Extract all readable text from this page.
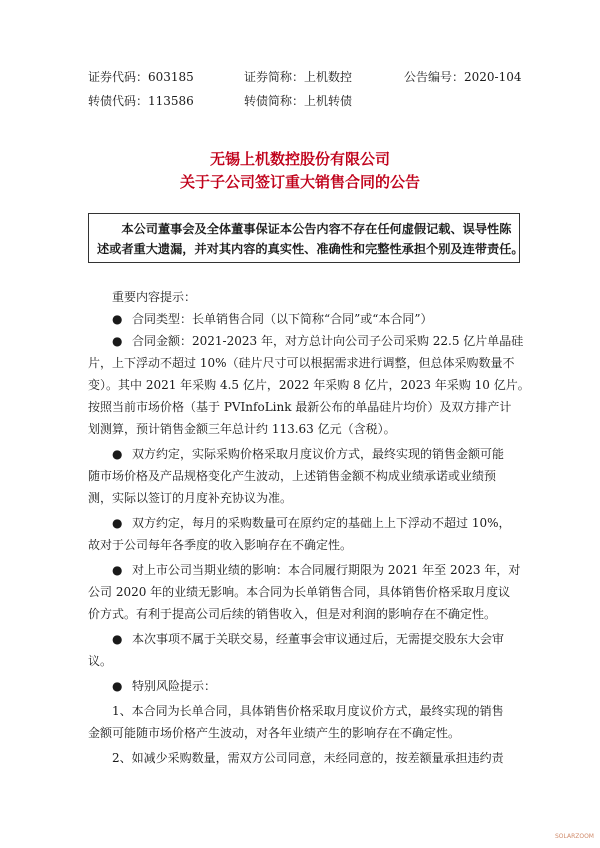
证券代码：603185	证券简称：上机数控	公告编号：2020-104
转债代码：113586	转债简称：上机转债
无锡上机数控股份有限公司
关于子公司签订重大销售合同的公告

本公司董事会及全体董事保证本公告内容不存在任何虚假记载、误导性陈

述或者重大遗漏，并对其内容的真实性、准确性和完整性承担个别及连带责任。

重要内容提示：
● 合同类型：长单销售合同（以下简称“合同”或“本合同”）
● 合同金额：2021-2023 年，对方总计向公司子公司采购 22.5 亿片单晶硅
片，上下浮动不超过 10%（硅片尺寸可以根据需求进行调整，但总体采购数量不
变）。其中 2021 年采购 4.5 亿片，2022 年采购 8 亿片，2023 年采购 10 亿片。
按照当前市场价格（基于 PVInfoLink 最新公布的单晶硅片均价）及双方排产计
划测算，预计销售金额三年总计约 113.63 亿元（含税）。
● 双方约定，实际采购价格采取月度议价方式，最终实现的销售金额可能
随市场价格及产品规格变化产生波动，上述销售金额不构成业绩承诺或业绩预
测，实际以签订的月度补充协议为准。
● 双方约定，每月的采购数量可在原约定的基础上上下浮动不超过 10%，
故对于公司每年各季度的收入影响存在不确定性。
● 对上市公司当期业绩的影响：本合同履行期限为 2021 年至 2023 年，对
公司 2020 年的业绩无影响。本合同为长单销售合同，具体销售价格采取月度议
价方式。有利于提高公司后续的销售收入，但是对利润的影响存在不确定性。
● 本次事项不属于关联交易，经董事会审议通过后，无需提交股东大会审
议。
● 特别风险提示：
1、本合同为长单合同，具体销售价格采取月度议价方式，最终实现的销售
金额可能随市场价格产生波动，对各年业绩产生的影响存在不确定性。
2、如减少采购数量，需双方公司同意，未经同意的，按差额量承担违约责
SOLARZOOM
